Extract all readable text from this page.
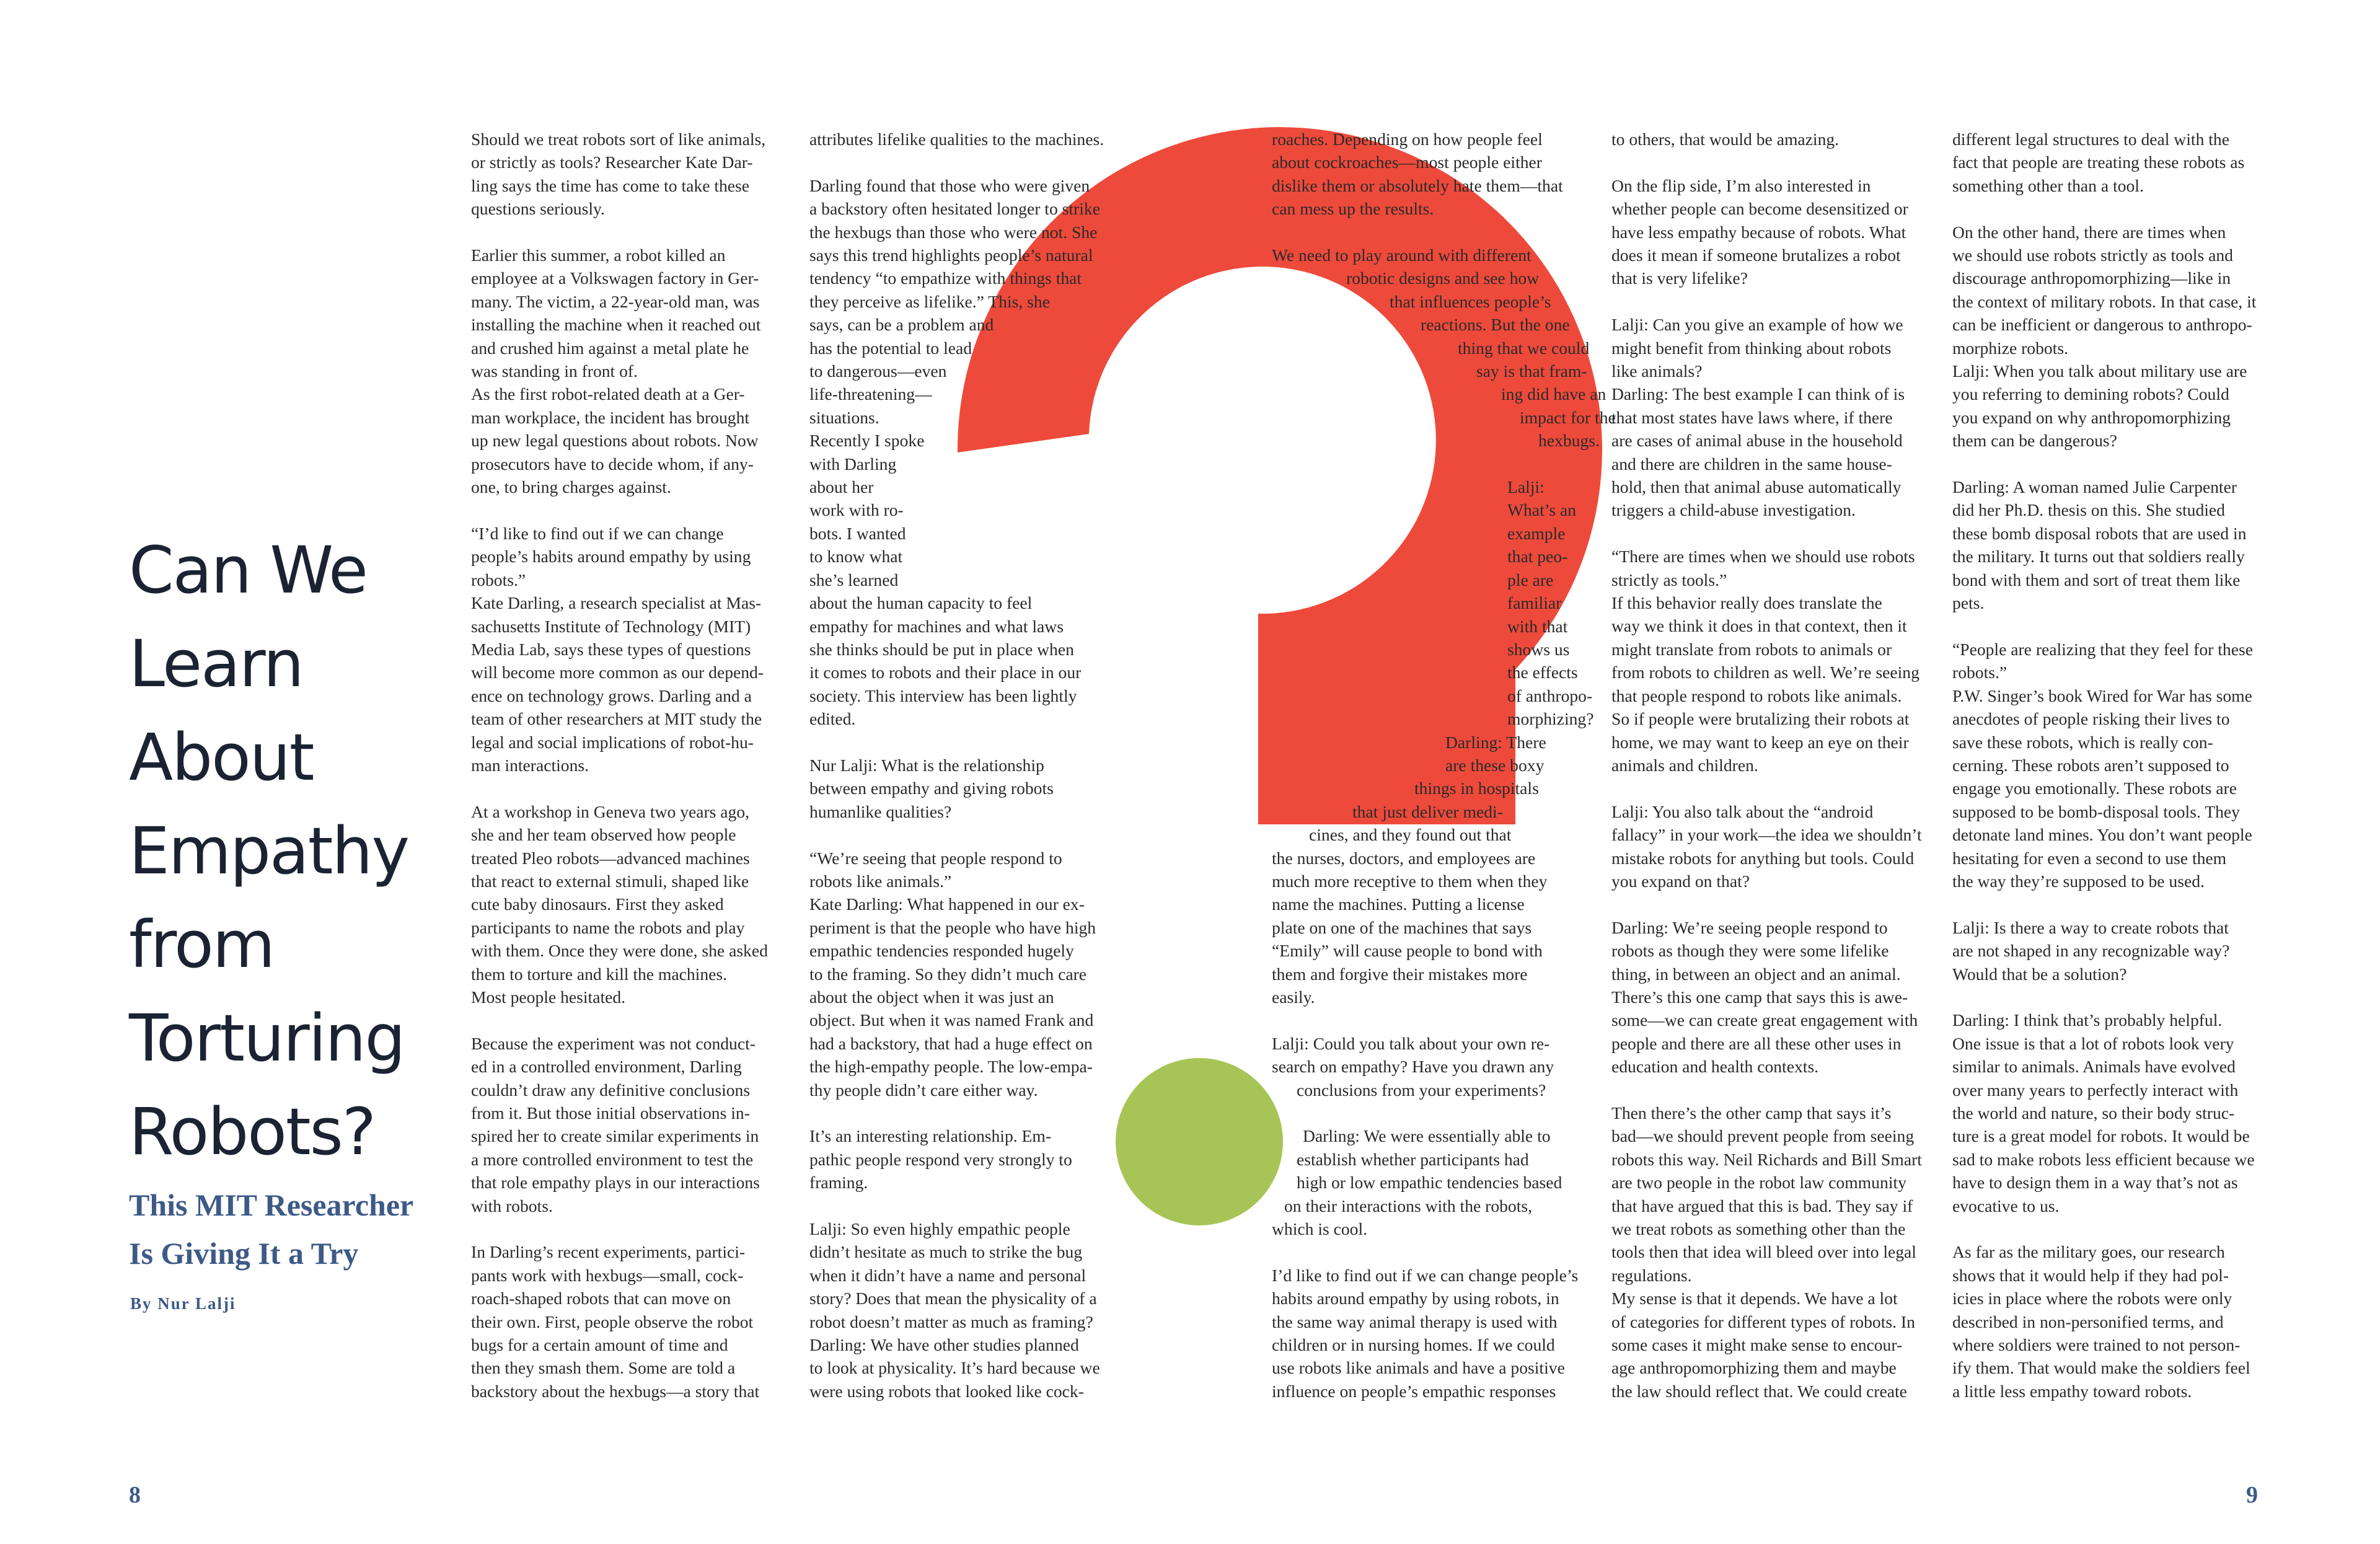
Can We
Learn
About
Empathy
from
Torturing
Robots?
This MIT Researcher
Is Giving It a Try
By Nur Lalji

Should we treat robots sort of like animals,
or strictly as tools? Researcher Kate Dar-
ling says the time has come to take these
questions seriously.

Earlier this summer, a robot killed an
employee at a Volkswagen factory in Ger-
many. The victim, a 22-year-old man, was
installing the machine when it reached out
and crushed him against a metal plate he
was standing in front of.
As the first robot-related death at a Ger-
man workplace, the incident has brought
up new legal questions about robots. Now
prosecutors have to decide whom, if any-
one, to bring charges against.

“I’d like to find out if we can change
people’s habits around empathy by using
robots.”
Kate Darling, a research specialist at Mas-
sachusetts Institute of Technology (MIT)
Media Lab, says these types of questions
will become more common as our depend-
ence on technology grows. Darling and a
team of other researchers at MIT study the
legal and social implications of robot-hu-
man interactions.

At a workshop in Geneva two years ago,
she and her team observed how people
treated Pleo robots—advanced machines
that react to external stimuli, shaped like
cute baby dinosaurs. First they asked
participants to name the robots and play
with them. Once they were done, she asked
them to torture and kill the machines.
Most people hesitated.

Because the experiment was not conduct-
ed in a controlled environment, Darling
couldn’t draw any definitive conclusions
from it. But those initial observations in-
spired her to create similar experiments in
a more controlled environment to test the
that role empathy plays in our interactions
with robots.

In Darling’s recent experiments, partici-
pants work with hexbugs—small, cock-
roach-shaped robots that can move on
their own. First, people observe the robot
bugs for a certain amount of time and
then they smash them. Some are told a
backstory about the hexbugs—a story that

attributes lifelike qualities to the machines.

Darling found that those who were given
a backstory often hesitated longer to strike
the hexbugs than those who were not. She
says this trend highlights people’s natural
tendency “to empathize with things that
they perceive as lifelike.” This, she
says, can be a problem and
has the potential to lead
to dangerous—even
life-threatening—
situations.
Recently I spoke
with Darling
about her
work with ro-
bots. I wanted
to know what
she’s learned
about the human capacity to feel
empathy for machines and what laws
she thinks should be put in place when
it comes to robots and their place in our
society. This interview has been lightly
edited.

Nur Lalji: What is the relationship
between empathy and giving robots
humanlike qualities?

“We’re seeing that people respond to
robots like animals.”
Kate Darling: What happened in our ex-
periment is that the people who have high
empathic tendencies responded hugely
to the framing. So they didn’t much care
about the object when it was just an
object. But when it was named Frank and
had a backstory, that had a huge effect on
the high-empathy people. The low-empa-
thy people didn’t care either way.

It’s an interesting relationship. Em-
pathic people respond very strongly to
framing.

Lalji: So even highly empathic people
didn’t hesitate as much to strike the bug
when it didn’t have a name and personal
story? Does that mean the physicality of a
robot doesn’t matter as much as framing?
Darling: We have other studies planned
to look at physicality. It’s hard because we
were using robots that looked like cock-

roaches. Depending on how people feel
about cockroaches—most people either
dislike them or absolutely hate them—that
can mess up the results.

We need to play around with different
robotic designs and see how
that influences people’s
reactions. But the one
thing that we could
say is that fram-
ing did have an
impact for the
hexbugs.

Lalji:
What’s an
example
that peo-
ple are
familiar
with that
shows us
the effects
of anthropo-
morphizing?
Darling: There
are these boxy
things in hospitals
that just deliver medi-
cines, and they found out that
the nurses, doctors, and employees are
much more receptive to them when they
name the machines. Putting a license
plate on one of the machines that says
“Emily” will cause people to bond with
them and forgive their mistakes more
easily.

Lalji: Could you talk about your own re-
search on empathy? Have you drawn any
conclusions from your experiments?

Darling: We were essentially able to
establish whether participants had
high or low empathic tendencies based
on their interactions with the robots,
which is cool.

I’d like to find out if we can change people’s
habits around empathy by using robots, in
the same way animal therapy is used with
children or in nursing homes. If we could
use robots like animals and have a positive
influence on people’s empathic responses

to others, that would be amazing.

On the flip side, I’m also interested in
whether people can become desensitized or
have less empathy because of robots. What
does it mean if someone brutalizes a robot
that is very lifelike?

Lalji: Can you give an example of how we
might benefit from thinking about robots
like animals?
Darling: The best example I can think of is
that most states have laws where, if there
are cases of animal abuse in the household
and there are children in the same house-
hold, then that animal abuse automatically
triggers a child-abuse investigation.

“There are times when we should use robots
strictly as tools.”
If this behavior really does translate the
way we think it does in that context, then it
might translate from robots to animals or
from robots to children as well. We’re seeing
that people respond to robots like animals.
So if people were brutalizing their robots at
home, we may want to keep an eye on their
animals and children.

Lalji: You also talk about the “android
fallacy” in your work—the idea we shouldn’t
mistake robots for anything but tools. Could
you expand on that?

Darling: We’re seeing people respond to
robots as though they were some lifelike
thing, in between an object and an animal.
There’s this one camp that says this is awe-
some—we can create great engagement with
people and there are all these other uses in
education and health contexts.

Then there’s the other camp that says it’s
bad—we should prevent people from seeing
robots this way. Neil Richards and Bill Smart
are two people in the robot law community
that have argued that this is bad. They say if
we treat robots as something other than the
tools then that idea will bleed over into legal
regulations.
My sense is that it depends. We have a lot
of categories for different types of robots. In
some cases it might make sense to encour-
age anthropomorphizing them and maybe
the law should reflect that. We could create

different legal structures to deal with the
fact that people are treating these robots as
something other than a tool.

On the other hand, there are times when
we should use robots strictly as tools and
discourage anthropomorphizing—like in
the context of military robots. In that case, it
can be inefficient or dangerous to anthropo-
morphize robots.
Lalji: When you talk about military use are
you referring to demining robots? Could
you expand on why anthropomorphizing
them can be dangerous?

Darling: A woman named Julie Carpenter
did her Ph.D. thesis on this. She studied
these bomb disposal robots that are used in
the military. It turns out that soldiers really
bond with them and sort of treat them like
pets.

“People are realizing that they feel for these
robots.”
P.W. Singer’s book Wired for War has some
anecdotes of people risking their lives to
save these robots, which is really con-
cerning. These robots aren’t supposed to
engage you emotionally. These robots are
supposed to be bomb-disposal tools. They
detonate land mines. You don’t want people
hesitating for even a second to use them
the way they’re supposed to be used.

Lalji: Is there a way to create robots that
are not shaped in any recognizable way?
Would that be a solution?

Darling: I think that’s probably helpful.
One issue is that a lot of robots look very
similar to animals. Animals have evolved
over many years to perfectly interact with
the world and nature, so their body struc-
ture is a great model for robots. It would be
sad to make robots less efficient because we
have to design them in a way that’s not as
evocative to us.

As far as the military goes, our research
shows that it would help if they had pol-
icies in place where the robots were only
described in non-personified terms, and
where soldiers were trained to not person-
ify them. That would make the soldiers feel
a little less empathy toward robots.

8	9
